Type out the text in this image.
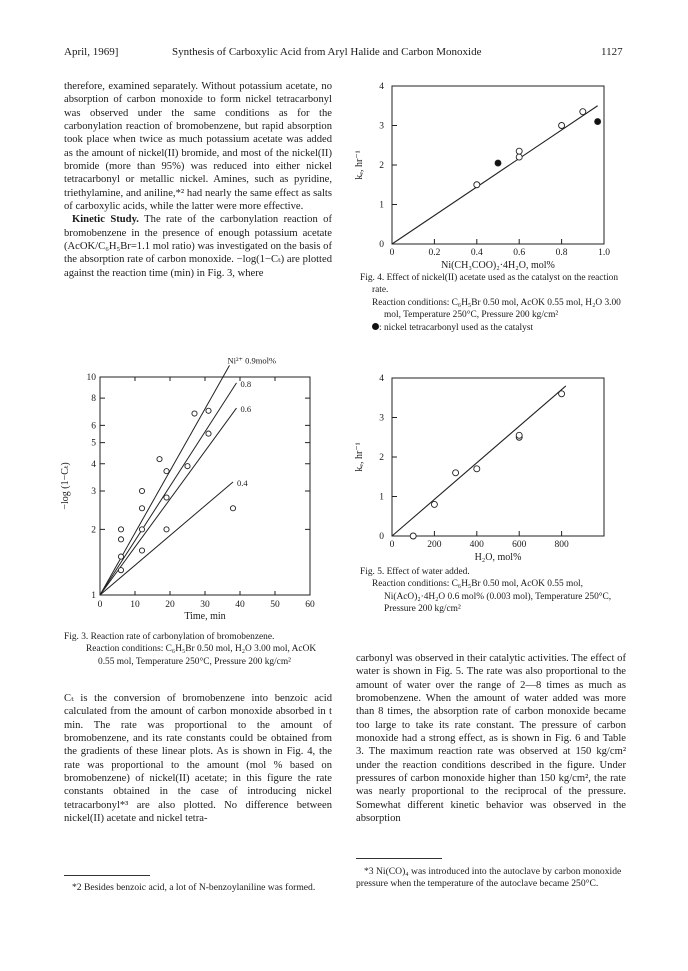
April, 1969]	Synthesis of Carboxylic Acid from Aryl Halide and Carbon Monoxide	1127

therefore, examined separately. Without potassium acetate, no absorption of carbon monoxide to form nickel tetracarbonyl was observed under the same conditions as for the carbonylation reaction of bromobenzene, but rapid absorption took place when twice as much potassium acetate was added as the amount of nickel(II) bromide, and most of the nickel(II) bromide (more than 95%) was reduced into either nickel tetracarbonyl or metallic nickel. Amines, such as pyridine, triethylamine, and aniline,*² had nearly the same effect as salts of carboxylic acids, while the latter were more effective.

Kinetic Study. The rate of the carbonylation reaction of bromobenzene in the presence of enough potassium acetate (AcOK/C₆H₅Br=1.1 mol ratio) was investigated on the basis of the absorption rate of carbon monoxide. −log(1−Cₜ) are plotted against the reaction time (min) in Fig. 3, where

0	10	20	30	40	50	60
1
2
3
4
5
6
8
10
Time, min
−log (1−Cₜ)
Ni²⁺ 0.9mol%
0.8
0.6
0.4
Fig. 3. Reaction rate of carbonylation of bromobenzene.
Reaction conditions: C₆H₅Br 0.50 mol, H₂O 3.00 mol, AcOK 0.55 mol, Temperature 250°C, Pressure 200 kg/cm²

Cₜ is the conversion of bromobenzene into benzoic acid calculated from the amount of carbon monoxide absorbed in t min. The rate was proportional to the amount of bromobenzene, and its rate constants could be obtained from the gradients of these linear plots. As is shown in Fig. 4, the rate was proportional to the amount (mol % based on bromobenzene) of nickel(II) acetate; in this figure the rate constants obtained in the case of introducing nickel tetracarbonyl*³ are also plotted. No difference between nickel(II) acetate and nickel tetra-

*2 Besides benzoic acid, a lot of N-benzoylaniline was formed.
0	0.2	0.4	0.6	0.8	1.0
0
1
2
3
4
Ni(CH₃COO)₂·4H₂O, mol%
kₑ, hr⁻¹
Fig. 4. Effect of nickel(II) acetate used as the catalyst on the reaction rate.
Reaction conditions: C₆H₅Br 0.50 mol, AcOK 0.55 mol, H₂O 3.00 mol, Temperature 250°C, Pressure 200 kg/cm²
: nickel tetracarbonyl used as the catalyst
0	200	400	600	800
0
1
2
3
4
H₂O, mol%
kₑ, hr⁻¹
Fig. 5. Effect of water added.
Reaction conditions: C₆H₅Br 0.50 mol, AcOK 0.55 mol, Ni(AcO)₂·4H₂O 0.6 mol% (0.003 mol), Temperature 250°C, Pressure 200 kg/cm²

carbonyl was observed in their catalytic activities. The effect of water is shown in Fig. 5. The rate was also proportional to the amount of water over the range of 2—8 times as much as bromobenzene. When the amount of water added was more than 8 times, the absorption rate of carbon monoxide became too large to take its rate constant. The pressure of carbon monoxide had a strong effect, as is shown in Fig. 6 and Table 3. The maximum reaction rate was observed at 150 kg/cm² under the reaction conditions described in the figure. Under pressures of carbon monoxide higher than 150 kg/cm², the rate was nearly proportional to the reciprocal of the pressure. Somewhat different kinetic behavior was observed in the absorption

*3 Ni(CO)₄ was introduced into the autoclave by carbon monoxide pressure when the temperature of the autoclave became 250°C.
